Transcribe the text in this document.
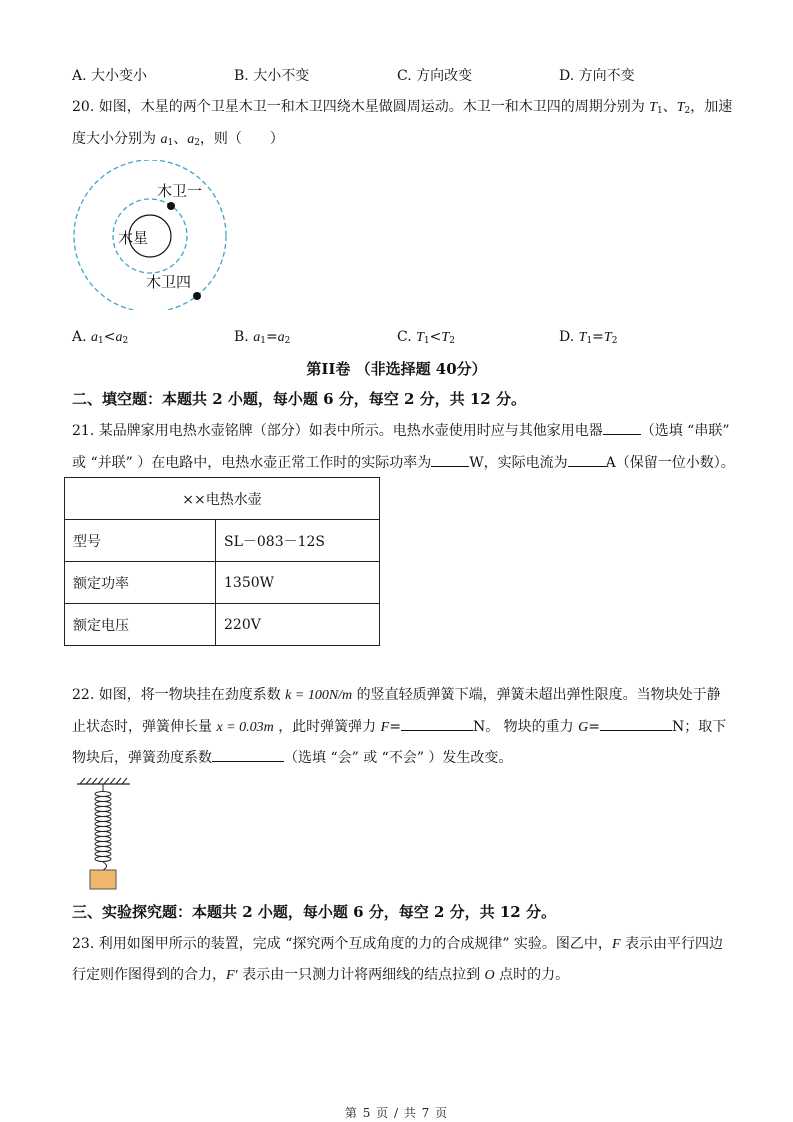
A. 大小变小	B. 大小不变	C. 方向改变	D. 方向不变
20. 如图，木星的两个卫星木卫一和木卫四绕木星做圆周运动。木卫一和木卫四的周期分别为 $T_1$、$T_2$，加速
度大小分别为 $a_1$、$a_2$，则（　　）
木星
木卫一
木卫四
A. $a_1<a_2$	B. $a_1=a_2$	C. $T_1<T_2$	D. $T_1=T_2$
第II卷 （非选择题 40分）
二、填空题：本题共 2 小题，每小题 6 分，每空 2 分，共 12 分。
21. 某品牌家用电热水壶铭牌（部分）如表中所示。电热水壶使用时应与其他家用电器	（选填 “串联”
或 “并联” ）在电路中，电热水壶正常工作时的实际功率为	W，实际电流为	A（保留一位小数）。
××电热水壶	
型号	SL－083－12S
额定功率	1350W
额定电压	220V
22. 如图，将一物块挂在劲度系数 k = 100N/m 的竖直轻质弹簧下端，弹簧未超出弹性限度。当物块处于静
止状态时，弹簧伸长量 x = 0.03m ，此时弹簧弹力 F=	N。 物块的重力 G=	N；取下
物块后，弹簧劲度系数	（选填 “会” 或 “不会” ）发生改变。
三、实验探究题：本题共 2 小题，每小题 6 分，每空 2 分，共 12 分。
23. 利用如图甲所示的装置，完成 “探究两个互成角度的力的合成规律” 实验。图乙中，F 表示由平行四边
行定则作图得到的合力，F′ 表示由一只测力计将两细线的结点拉到 O 点时的力。
第 5 页 / 共 7 页
